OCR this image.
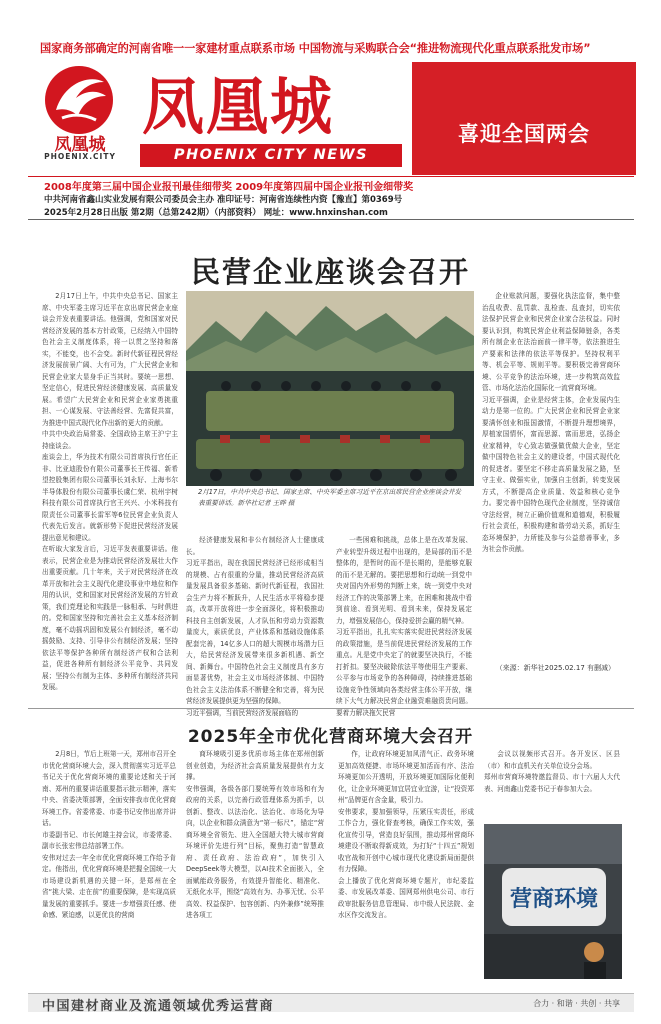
国家商务部确定的河南省唯一一家建材重点联系市场 中国物流与采购联合会“推进物流现代化重点联系批发市场”
凤凰城
PHOENIX.CITY
凤凰城
PHOENIX CITY NEWS
喜迎全国两会
2008年度第三届中国企业报刊最佳细带奖 2009年度第四届中国企业报刊金细带奖
中共河南省鑫山实业发展有限公司委员会主办 准印证号：河南省连续性内资【豫直】第0369号
2025年2月28日出版 第2期（总第242期）（内部资料） 网址：www.hnxinshan.com
民营企业座谈会召开
2月17日上午，中共中央总书记、国家主席、中央军委主席习近平在京出席民营企业座谈会并发表重要讲话。他强调，党和国家对民营经济发展的基本方针政策，已经纳入中国特色社会主义制度体系，将一以贯之坚持和落实，不能变，也不会变。新时代新征程民营经济发展前景广阔、大有可为，广大民营企业和民营企业家大显身手正当其时。要统一思想、坚定信心，促进民营经济健康发展、高质量发展。希望广大民营企业和民营企业家勇挑重担、一心谋发展、守法善经营、先富促共富，为推进中国式现代化作出新的更大的贡献。
中共中央政治局常委、全国政协主席王沪宁主持座谈会。
座谈会上，华为技术有限公司首席执行官任正非、比亚迪股份有限公司董事长王传福、新希望控股集团有限公司董事长刘永好、上海韦尔半导体股份有限公司董事长虞仁荣、杭州宇树科技有限公司首席执行官王兴兴、小米科技有限责任公司董事长雷军等6位民营企业负责人代表先后发言。就新形势下促进民营经济发展提出意见和建议。
在听取大家发言后，习近平发表重要讲话。他表示，民营企业是为推动民营经济发展壮大作出重要贡献。几十年来，关于对民营经济在改革开放和社会主义现代化建设事业中地位和作用的认识，党和国家对民营经济发展的方针政策，我们党理论和实践是一脉相承、与时俱进的。党和国家坚持和完善社会主义基本经济制度，毫不动摇巩固和发展公有制经济，毫不动摇鼓励、支持、引导非公有制经济发展；坚持依法平等保护各种所有制经济产权和合法利益，促进各种所有制经济公平竞争、共同发展；坚持公有制为主体、多种所有制经济共同发展。
2月17日，中共中央总书记、国家主席、中央军委主席习近平在京出席民营企业座谈会并发表重要讲话。新华社记者 王晔 摄
经济健康发展和非公有制经济人士健康成长。
习近平指出，现在我国民营经济已经形成相当的规模、占有很重的分量，推动民营经济高质量发展具备很多基础、新时代新征程，我国社会生产力将不断跃升，人民生活水平将稳步提高，改革开放将进一步全面深化，将积极推动科技自主创新发展，人才队伍和劳动力资源数量庞大，素质优良，产业体系和基础设施体系配套完善，14亿多人口的超大规模市场潜力巨大，给民营经济发展带来很多新机遇、新空间、新舞台。中国特色社会主义制度具有多方面显著优势，社会主义市场经济体制、中国特色社会主义法治体系不断健全和完善，将为民营经济发展提供更为坚强的保障。
习近平强调，当前民营经济发展面临的
一些困难和挑战，总体上是在改革发展、产业转型升级过程中出现的，是局部的而不是整体的，是暂时的而不是长期的，是能够克服的而不是无解的。要把思想和行动统一到党中央对国内外形势的判断上来，统一到党中央对经济工作的决策部署上来，在困难和挑战中看到前途、看到光明、看到未来，保持发展定力，增强发展信心，保持爱拼会赢的精气神。
习近平指出，扎扎实实落实促进民营经济发展的政策措施，是当前促进民营经济发展的工作重点。凡是党中央定了的就要坚决执行，不能打折扣。要坚决破除依法平等使用生产要素、公平参与市场竞争的各种障碍，持续推进基础设施竞争性领域向各类经营主体公平开放，继续下大气力解决民营企业融资难融资贵问题。要着力解决拖欠民营
企业账款问题，要强化执法监督，集中整治乱收费、乱罚款、乱检查、乱查封，切实依法保护民营企业和民营企业家合法权益。同时要认识到，构筑民营企业利益保障链条，各类所有制企业在法治面前一律平等，依法推进生产要素和法律的依法平等保护。坚持权利平等、机会平等、规则平等。要积极完善营商环境、公平竞争的法治环境，进一步构筑高效监管、市场化法治化国际化一流营商环境。
习近平强调，企业是经营主体，企业发展内生动力是第一位的。广大民营企业和民营企业家要满怀创业和报国激情，不断提升理想境界，厚植家国情怀，富而思源、富而思进，弘扬企业家精神，专心致志做强做优做大企业，坚定做中国特色社会主义的建设者，中国式现代化的促进者。要坚定不移走高质量发展之路，坚守主业、做强实业，加强自主创新，转变发展方式，不断提高企业质量、效益和核心竞争力。要完善中国特色现代企业制度，坚持诚信守法经营，树立正确价值观和道德观，积极履行社会责任，积极构建和谐劳动关系，抓好生态环境保护，力所能及参与公益慈善事业，多为社会作贡献。
（来源：新华社2025.02.17 有删减）
2025年全市优化营商环境大会召开
2月8日，节后上班第一天，郑州市召开全市优化营商环境大会，深入贯彻落实习近平总书记关于优化营商环境的重要论述和关于河南、郑州的重要讲话重要指示批示精神，落实中央、省委决策部署，全面安排我市优化营商环境工作。省委常委、市委书记安伟出席并讲话。
市委副书记、市长何雄主持会议，市委常委、副市长张宏伟总结部署工作。
安伟对过去一年全市优化营商环境工作给予肯定。他指出，优化营商环境是把握全国统一大市场建设新机遇的关键一环，是郑州在全省“挑大梁、走在前”的重要保障，是实现高质量发展的重要抓手。要进一步增强责任感、使命感、紧迫感，以更优良的营商
商环境吸引更多优质市场主体在郑州创新创业创造，为经济社会高质量发展提供有力支撑。
安伟强调，各级各部门要统筹有效市场和有为政府的关系，以完善行政管理体系为抓手，以创新、整改、以法治化、法治化、市场化为导向，以企业和群众满意为“第一标尺”，锚定“营商环境全省领先、进入全国超大特大城市营商环境评价先进行列”目标，聚焦打造“智慧政府、责任政府、法治政府”，加快引入DeepSeek等大模型，以AI技术全面嵌入，全面赋能政务服务，有效提升智能化、精准化、无纸化水平，围绕“高效有为、办事无忧、公平高效、权益保护、包容创新、内外兼修”统筹推进各项工
作，让政府环境更加风清气正、政务环境更加高效便捷、市场环境更加活而有序、法治环境更加公开透明，开放环境更加国际化便利化，让企业环境更加宜居宜业宜游，让“投资郑州”品牌更有含金量，吸引力。
安伟要求，要加强领导，压紧压实责任，形成工作合力，强化督查考核，确保工作实效，强化宣传引导，营造良好氛围，推动郑州营商环境建设不断取得新成效，为打好“十四五”规划收官战和开创中心城市现代化建设新局面提供有力保障。
会上播放了优化营商环境专题片，市纪委监委、市发展改革委、国网郑州供电公司、市行政审批服务信息管理局、市中级人民法院、金水区作交流发言。
会议以视频形式召开。各开发区、区县（市）和市直机关有关单位设分会场。
郑州市营商环境特邀监督员、市十六届人大代表、河南鑫山党委书记于春参加大会。
营商环境
中国建材商业及流通领域优秀运营商	合力 · 和谐 · 共创 · 共享
